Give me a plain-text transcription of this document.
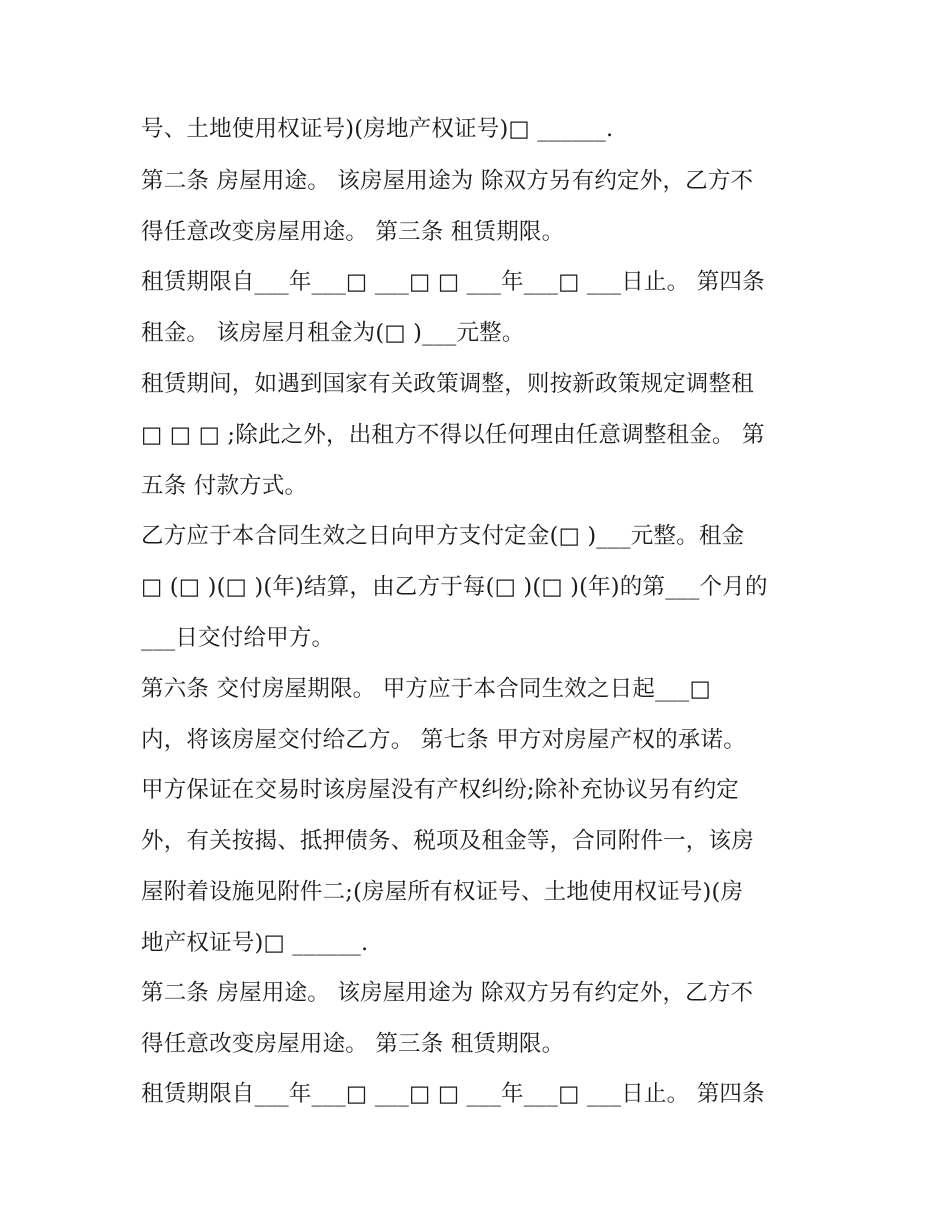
号、土地使用权证号)(房地产权证号)□ ______.
第二条 房屋用途。 该房屋用途为 除双方另有约定外，乙方不
得任意改变房屋用途。 第三条 租赁期限。
租赁期限自___年___□ ___□ □ ___年___□ ___日止。 第四条
租金。 该房屋月租金为(□ )___元整。
租赁期间，如遇到国家有关政策调整，则按新政策规定调整租
□ □ □ ;除此之外，出租方不得以任何理由任意调整租金。 第
五条 付款方式。
乙方应于本合同生效之日向甲方支付定金(□ )___元整。租金
□ (□ )(□ )(年)结算，由乙方于每(□ )(□ )(年)的第___个月的
___日交付给甲方。
第六条 交付房屋期限。 甲方应于本合同生效之日起___□
内，将该房屋交付给乙方。 第七条 甲方对房屋产权的承诺。
甲方保证在交易时该房屋没有产权纠纷;除补充协议另有约定
外，有关按揭、抵押债务、税项及租金等，合同附件一，该房
屋附着设施见附件二;(房屋所有权证号、土地使用权证号)(房
地产权证号)□ ______.
第二条 房屋用途。 该房屋用途为 除双方另有约定外，乙方不
得任意改变房屋用途。 第三条 租赁期限。
租赁期限自___年___□ ___□ □ ___年___□ ___日止。 第四条
